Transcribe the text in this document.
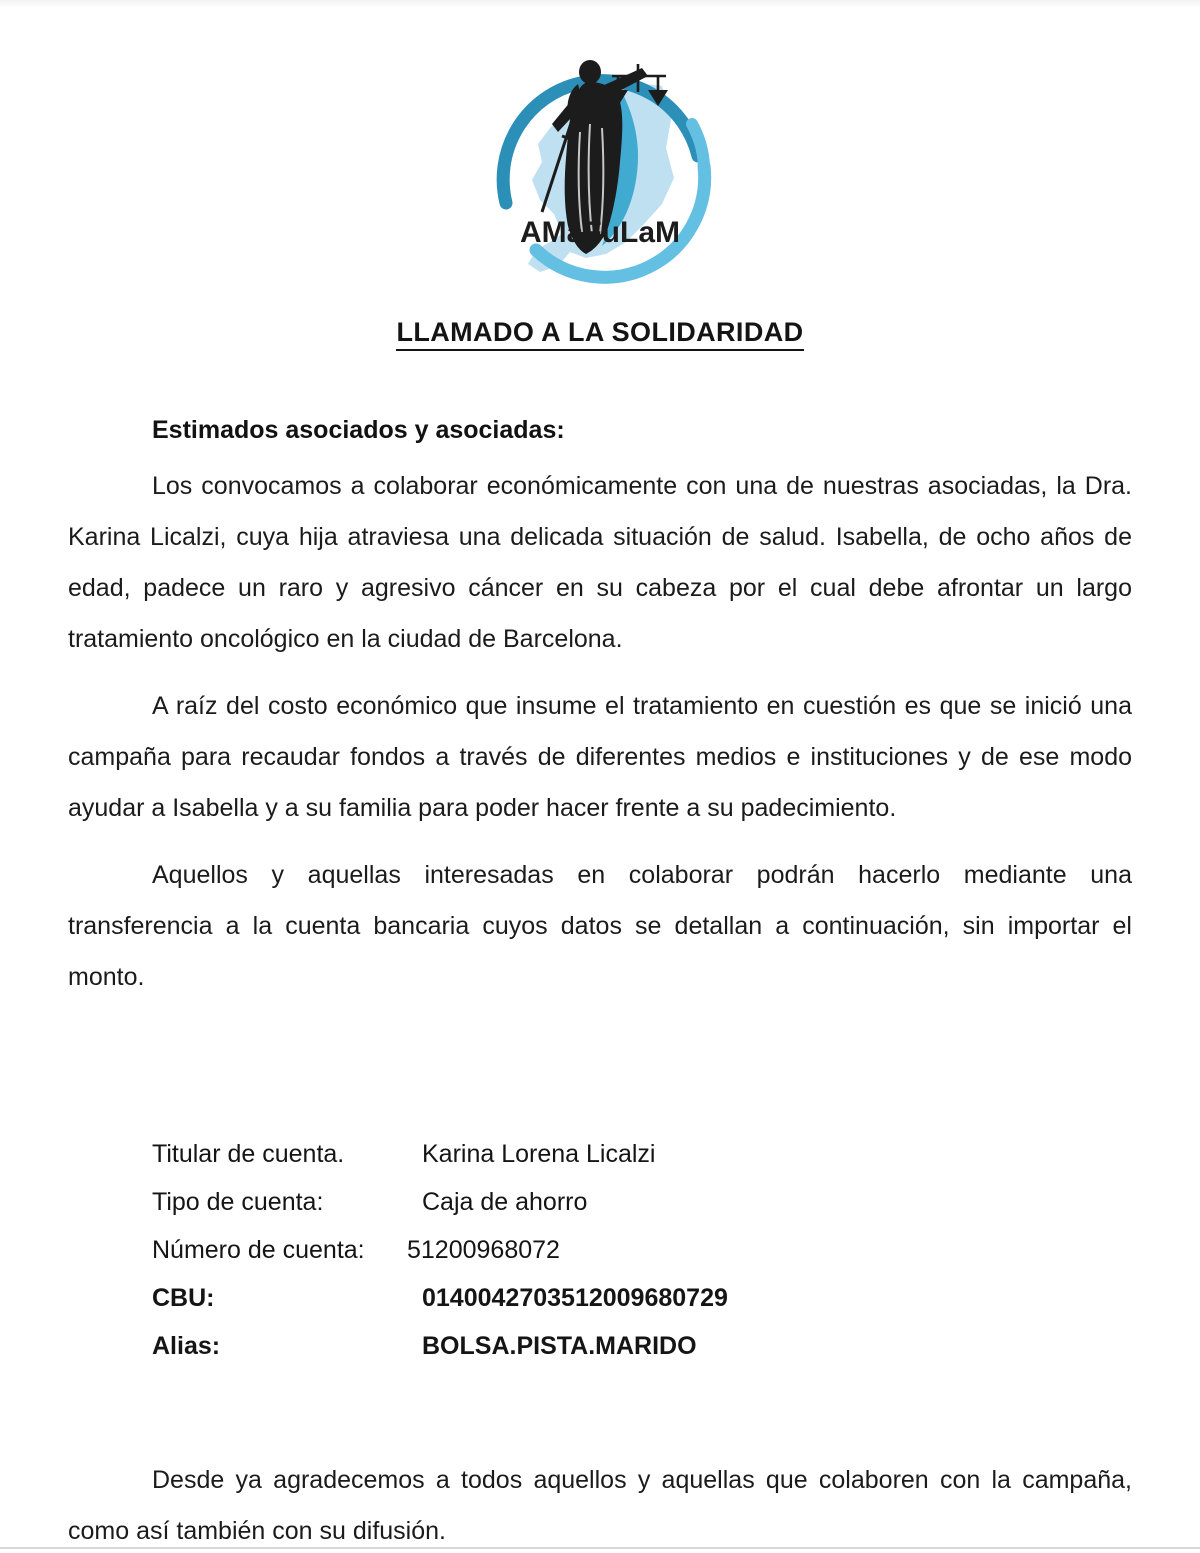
AMaFuLaM
LLAMADO A LA SOLIDARIDAD
Estimados asociados y asociadas:

Los convocamos a colaborar económicamente con una de nuestras asociadas, la Dra. Karina Licalzi, cuya hija atraviesa una delicada situación de salud. Isabella, de ocho años de edad, padece un raro y agresivo cáncer en su cabeza por el cual debe afrontar un largo tratamiento oncológico en la ciudad de Barcelona.

A raíz del costo económico que insume el tratamiento en cuestión es que se inició una campaña para recaudar fondos a través de diferentes medios e instituciones y de ese modo ayudar a Isabella y a su familia para poder hacer frente a su padecimiento.

Aquellos y aquellas interesadas en colaborar podrán hacerlo mediante una transferencia a la cuenta bancaria cuyos datos se detallan a continuación, sin importar el monto.

Titular de cuenta.	Karina Lorena Licalzi
Tipo de cuenta:	Caja de ahorro
Número de cuenta:	51200968072
CBU:	0140042703512009680729
Alias:	BOLSA.PISTA.MARIDO

Desde ya agradecemos a todos aquellos y aquellas que colaboren con la campaña, como así también con su difusión.
